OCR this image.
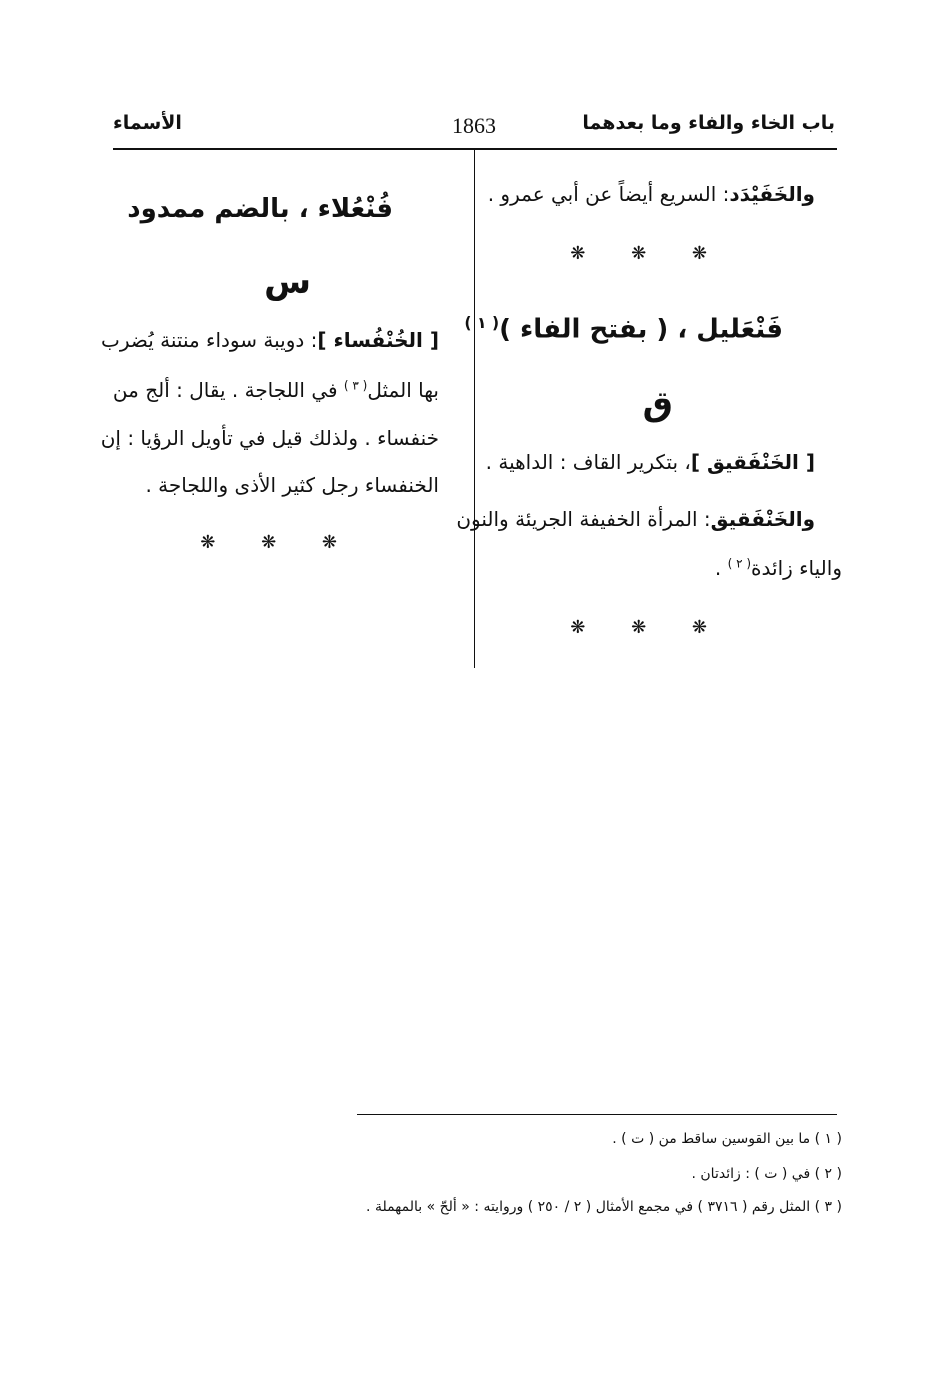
باب الخاء والفاء وما بعدهما
1863
الأسماء
والخَفَيْدَد: السريع أيضاً عن أبي عمرو .
❋ ❋ ❋
فَنْعَليل ، ( بفتح الفاء )$^{( ١ )}$
ق
[ الخَنْفَقيق ]، بتكرير القاف : الداهية .
والخَنْفَقيق: المرأة الخفيفة الجريئة والنون
والياء زائدة$^{( ٢ )}$ .
❋ ❋ ❋
فُنْعُلاء ، بالضم ممدود
س
[ الخُنْفُساء ]: دويبة سوداء منتنة يُضرب
بها المثل$^{( ٣ )}$ في اللجاجة . يقال : ألج من
خنفساء . ولذلك قيل في تأويل الرؤيا : إن
الخنفساء رجل كثير الأذى واللجاجة .
❋ ❋ ❋
( ١ ) ما بين القوسين ساقط من ( ت ) .
( ٢ ) في ( ت ) : زائدتان .
( ٣ ) المثل رقم ( ٣٧١٦ ) في مجمع الأمثال ( ٢ / ٢٥٠ ) وروايته : « ألحّ » بالمهملة .
